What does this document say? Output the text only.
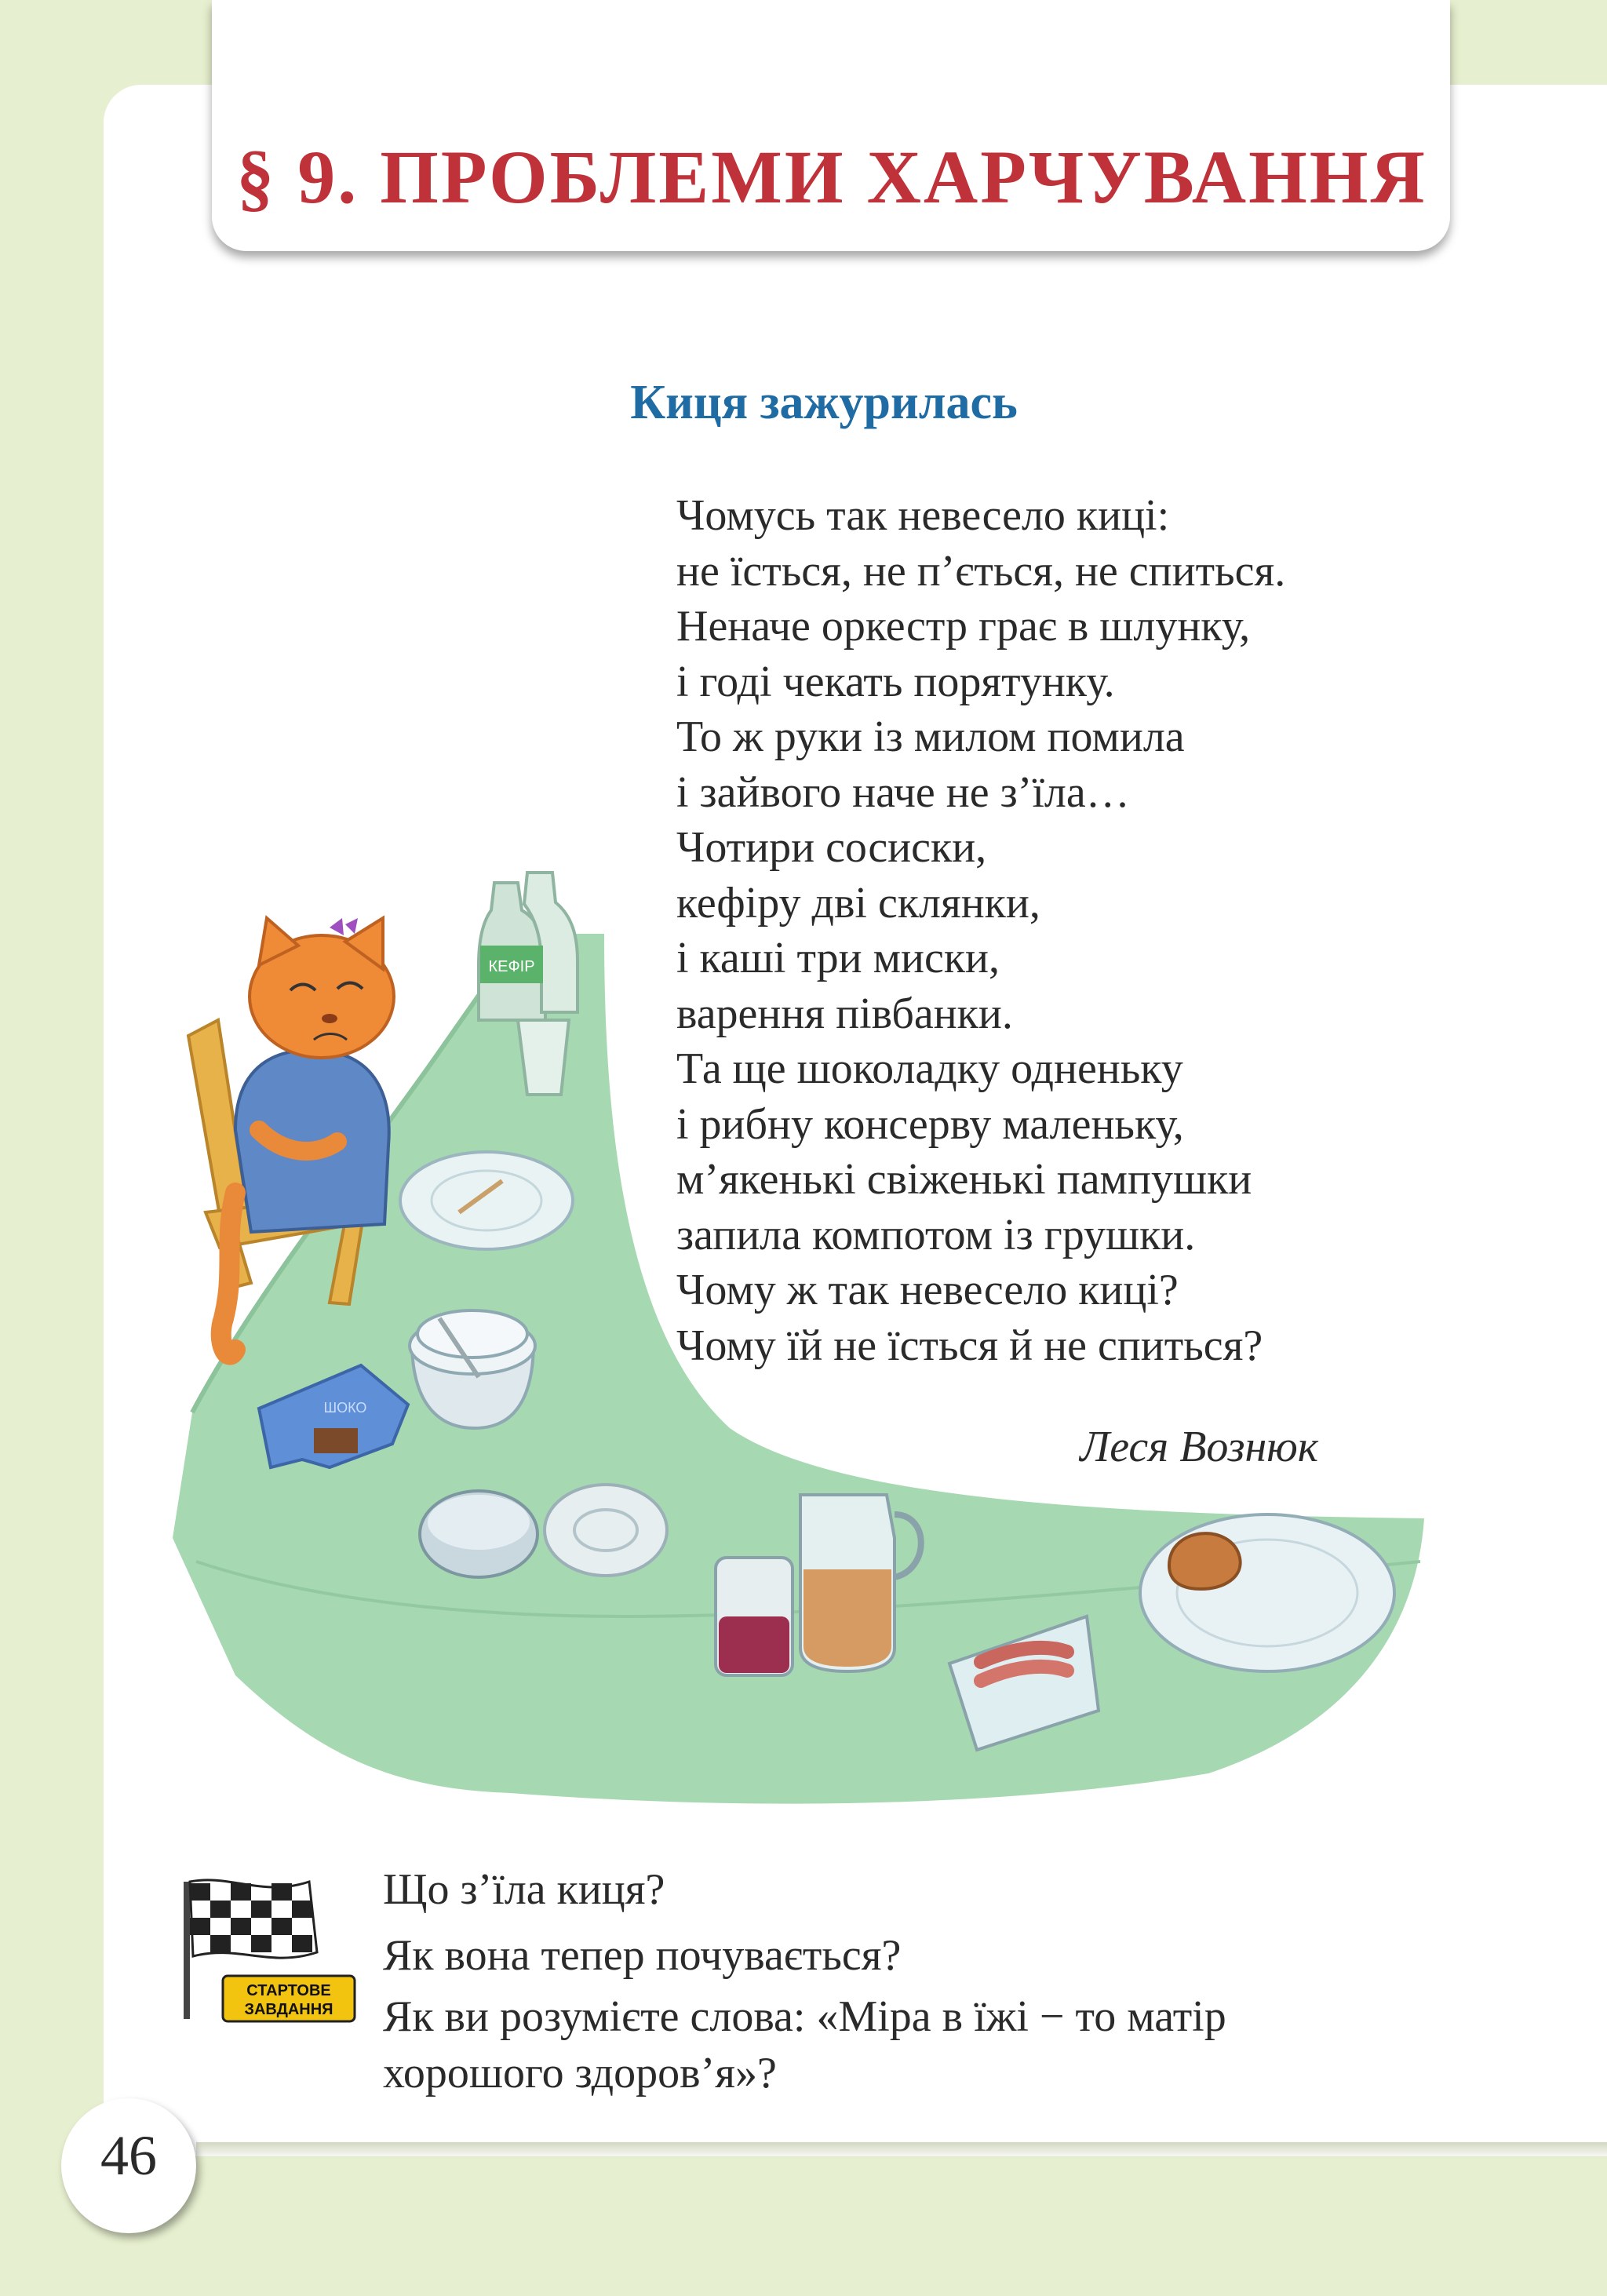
§ 9. ПРОБЛЕМИ ХАРЧУВАННЯ
Киця зажурилась
Чомусь так невесело киці:
не їсться, не п’ється, не спиться.
Неначе оркестр грає в шлунку,
і годі чекать порятунку.
То ж руки із милом помила
і зайвого наче не з’їла…
Чотири сосиски,
кефіру дві склянки,
і каші три миски,
варення півбанки.
Та ще шоколадку одненьку
і рибну консерву маленьку,
м’якенькі свіженькі пампушки
запила компотом із грушки.
Чому ж так невесело киці?
Чому їй не їсться й не спиться?
Леся Вознюк
КЕФІР
ШОКО
СТАРТОВЕ
ЗАВДАННЯ

Що з’їла киця?

Як вона тепер почувається?

Як ви розумієте слова: «Міра в їжі − то матір

хорошого здоров’я»?

46
